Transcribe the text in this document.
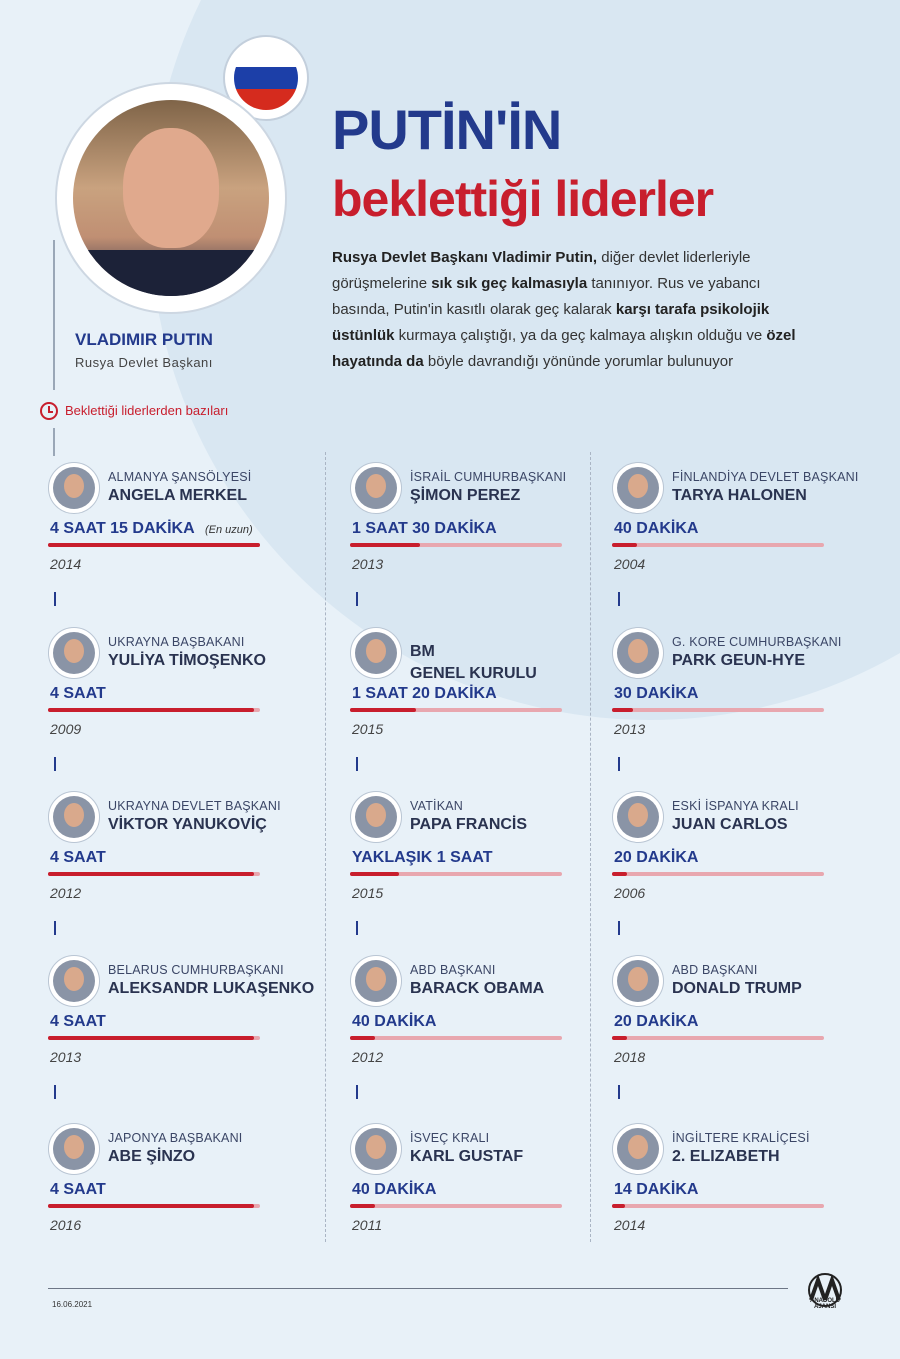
VLADIMIR PUTIN
Rusya Devlet Başkanı
PUTİN'İN
beklettiği liderler
Rusya Devlet Başkanı Vladimir Putin, diğer devlet liderleriyle görüşmelerine sık sık geç kalmasıyla tanınıyor. Rus ve yabancı basında, Putin'in kasıtlı olarak geç kalarak karşı tarafa psikolojik üstünlük kurmaya çalıştığı, ya da geç kalmaya alışkın olduğu ve özel hayatında da böyle davrandığı yönünde yorumlar bulunuyor
Beklettiği liderlerden bazıları
ALMANYA ŞANSÖLYESİ
ANGELA MERKEL
4 SAAT 15 DAKİKA (En uzun)
2014
UKRAYNA BAŞBAKANI
YULİYA TİMOŞENKO
4 SAAT
2009
UKRAYNA DEVLET BAŞKANI
VİKTOR YANUKOVİÇ
4 SAAT
2012
BELARUS CUMHURBAŞKANI
ALEKSANDR LUKAŞENKO
4 SAAT
2013
JAPONYA BAŞBAKANI
ABE ŞİNZO
4 SAAT
2016
İSRAİL CUMHURBAŞKANI
ŞİMON PEREZ
1 SAAT 30 DAKİKA
2013
BM
GENEL KURULU
1 SAAT 20 DAKİKA
2015
VATİKAN
PAPA FRANCİS
YAKLAŞIK 1 SAAT
2015
ABD BAŞKANI
BARACK OBAMA
40 DAKİKA
2012
İSVEÇ KRALI
KARL GUSTAF
40 DAKİKA
2011
FİNLANDİYA DEVLET BAŞKANI
TARYA HALONEN
40 DAKİKA
2004
G. KORE CUMHURBAŞKANI
PARK GEUN-HYE
30 DAKİKA
2013
ESKİ İSPANYA KRALI
JUAN CARLOS
20 DAKİKA
2006
ABD BAŞKANI
DONALD TRUMP
20 DAKİKA
2018
İNGİLTERE KRALİÇESİ
2. ELIZABETH
14 DAKİKA
2014
16.06.2021	ANADOLU AJANSI
